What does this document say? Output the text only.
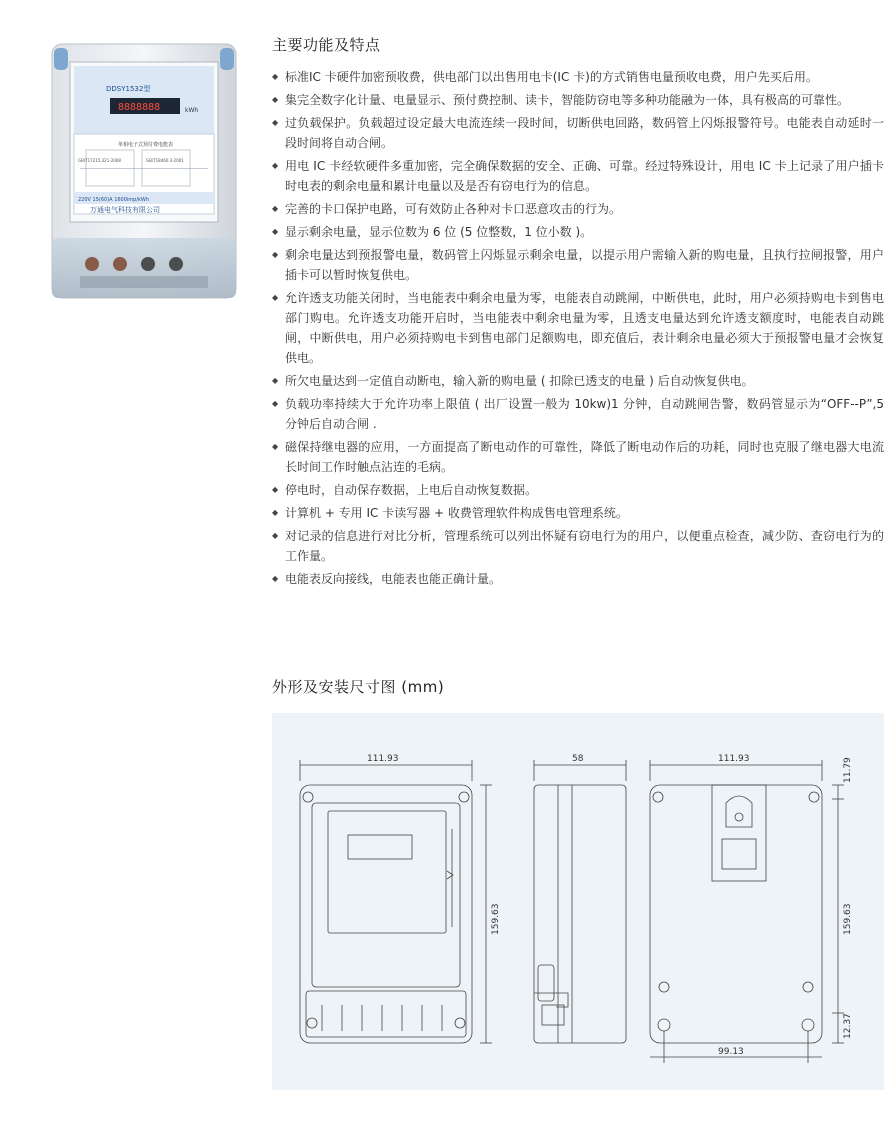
DDSY1532型
8888888	kWh
单相电子式预付费电能表
GB/T17215.321-2008	GB/T18460.3-2001
220V 15(60)A 1600imp/kWh
万通电气科技有限公司
主要功能及特点
◆ 标准IC 卡硬件加密预收费，供电部门以出售用电卡(IC 卡)的方式销售电量预收电费，用户先买后用。
◆ 集完全数字化计量、电量显示、预付费控制、读卡，智能防窃电等多种功能融为一体，具有极高的可靠性。
◆ 过负载保护。负载超过设定最大电流连续一段时间，切断供电回路，数码管上闪烁报警符号。电能表自动延时一段时间将自动合闸。
◆ 用电 IC 卡经软硬件多重加密，完全确保数据的安全、正确、可靠。经过特殊设计，用电 IC 卡上记录了用户插卡时电表的剩余电量和累计电量以及是否有窃电行为的信息。
◆ 完善的卡口保护电路，可有效防止各种对卡口恶意攻击的行为。
◆ 显示剩余电量，显示位数为 6 位 (5 位整数，1 位小数 )。
◆ 剩余电量达到预报警电量，数码管上闪烁显示剩余电量，以提示用户需输入新的购电量，且执行拉闸报警，用户插卡可以暂时恢复供电。
◆ 允许透支功能关闭时，当电能表中剩余电量为零，电能表自动跳闸，中断供电，此时，用户必须持购电卡到售电部门购电。允许透支功能开启时，当电能表中剩余电量为零，且透支电量达到允许透支额度时，电能表自动跳闸，中断供电，用户必须持购电卡到售电部门足额购电，即充值后，表计剩余电量必须大于预报警电量才会恢复供电。
◆ 所欠电量达到一定值自动断电，输入新的购电量 ( 扣除已透支的电量 ) 后自动恢复供电。
◆ 负载功率持续大于允许功率上限值 ( 出厂设置一般为 10kw)1 分钟，自动跳闸告警，数码管显示为“OFF--P”,5 分钟后自动合闸 .
◆ 磁保持继电器的应用，一方面提高了断电动作的可靠性，降低了断电动作后的功耗，同时也克服了继电器大电流长时间工作时触点沾连的毛病。
◆ 停电时，自动保存数据，上电后自动恢复数据。
◆ 计算机 + 专用 IC 卡读写器 + 收费管理软件构成售电管理系统。
◆ 对记录的信息进行对比分析，管理系统可以列出怀疑有窃电行为的用户，以便重点检查，减少防、查窃电行为的工作量。
◆ 电能表反向接线，电能表也能正确计量。
外形及安装尺寸图 (mm)
111.93
159.63
58	111.93
99.13
11.79
159.63
12.37
